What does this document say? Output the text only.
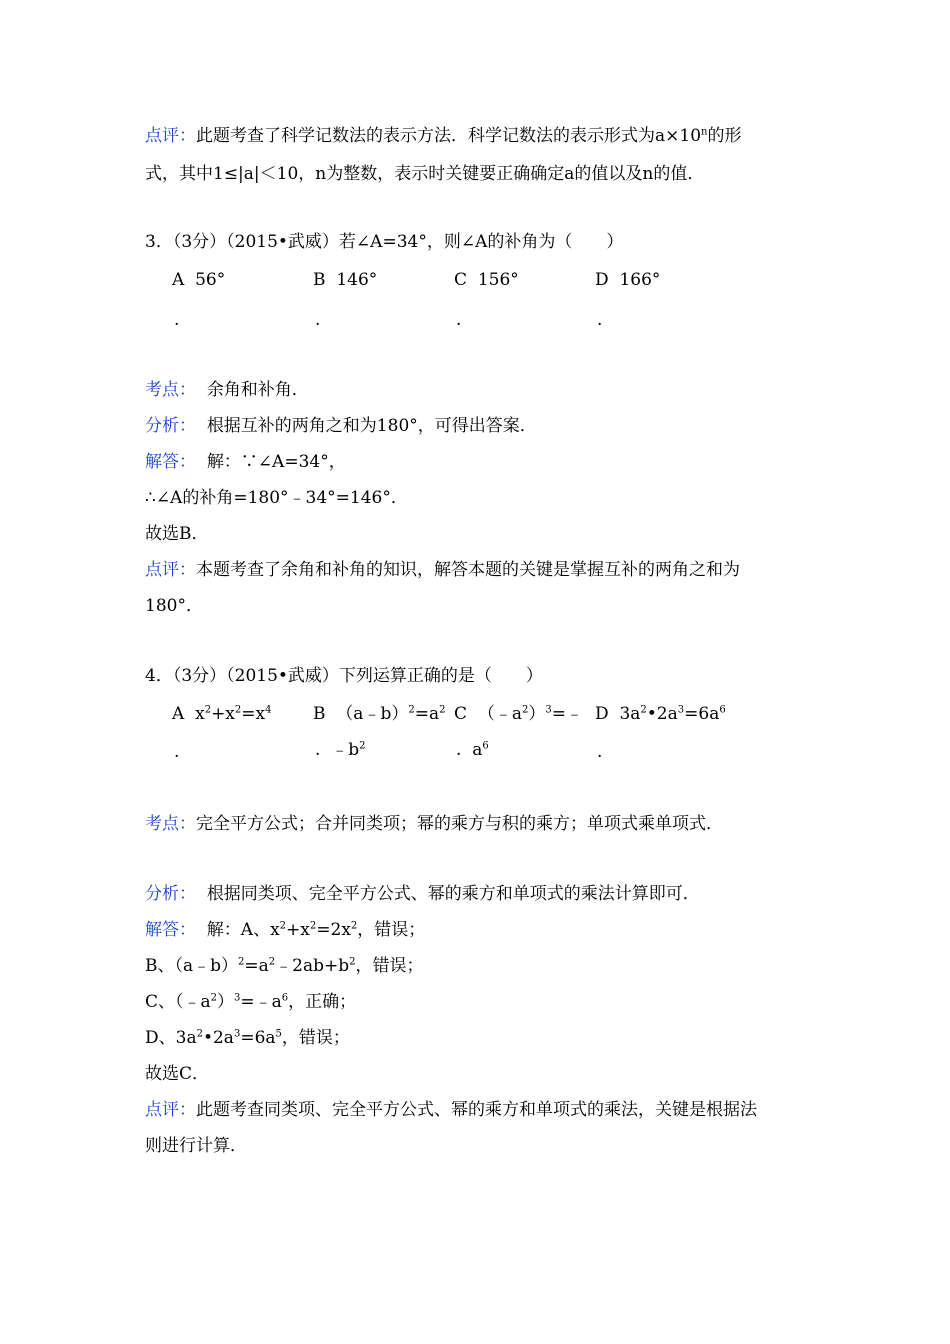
点评：此题考查了科学记数法的表示方法．科学记数法的表示形式为$a\times 10^n$的形
式，其中1≤|a|＜10，n为整数，表示时关键要正确确定a的值以及n的值．
3．（3分）（2015•武威）若∠A=34°，则∠A的补角为（　　）
A 56°	B 146°	C 156°	D 166°
.	.	.	.
考点： 余角和补角．
分析： 根据互补的两角之和为180°，可得出答案．
解答： 解：∵∠A=34°，
∴∠A的补角=180°﹣34°=146°．
故选B．
点评：本题考查了余角和补角的知识，解答本题的关键是掌握互补的两角之和为
180°．
4．（3分）（2015•武威）下列运算正确的是（　　）
A  $x^2+x^2=x^4$ B  $(a﹣b)^2=a^2$ C  $(﹣a^2)^3=﹣$ D  $3a^2•2a^3=6a^6$
.	.  $﹣b^2$	.  $a^6$	.
考点：完全平方公式；合并同类项；幂的乘方与积的乘方；单项式乘单项式．
分析： 根据同类项、完全平方公式、幂的乘方和单项式的乘法计算即可．
解答：  解：A、$x^2+x^2=2x^2$，错误；
B、$(a﹣b)^2=a^2﹣2ab+b^2$，错误；
C、$(﹣a^2)^3=﹣a^6$，正确；
D、$3a^2•2a^3=6a^5$，错误；
故选C．
点评：此题考查同类项、完全平方公式、幂的乘方和单项式的乘法，关键是根据法
则进行计算．
